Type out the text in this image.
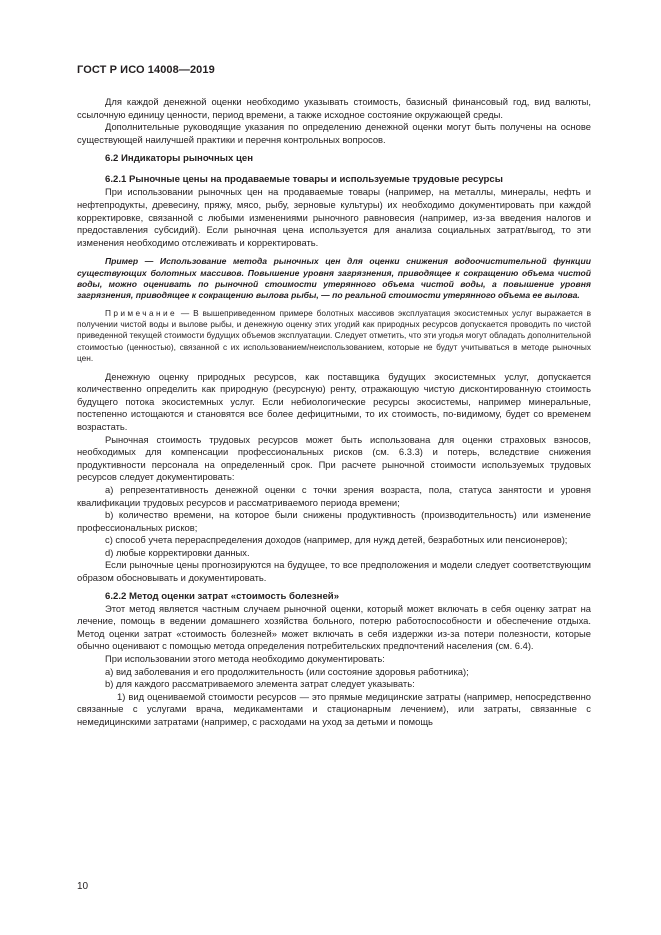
ГОСТ Р ИСО 14008—2019

Для каждой денежной оценки необходимо указывать стоимость, базисный финансовый год, вид валюты, ссылочную единицу ценности, период времени, а также исходное состояние окружающей среды.

Дополнительные руководящие указания по определению денежной оценки могут быть получены на основе существующей наилучшей практики и перечня контрольных вопросов.

6.2 Индикаторы рыночных цен
6.2.1 Рыночные цены на продаваемые товары и используемые трудовые ресурсы

При использовании рыночных цен на продаваемые товары (например, на металлы, минералы, нефть и нефтепродукты, древесину, пряжу, мясо, рыбу, зерновые культуры) их необходимо документировать при каждой корректировке, связанной с любыми изменениями рыночного равновесия (например, из-за введения налогов и предоставления субсидий). Если рыночная цена используется для анализа социальных затрат/выгод, то эти изменения необходимо отслеживать и корректировать.

Пример — Использование метода рыночных цен для оценки снижения водоочистительной функции существующих болотных массивов. Повышение уровня загрязнения, приводящее к сокращению объема чистой воды, можно оценивать по рыночной стоимости утерянного объема чистой воды, а повышение уровня загрязнения, приводящее к сокращению вылова рыбы, — по реальной стоимости утерянного объема ее вылова.
Примечание — В вышеприведенном примере болотных массивов эксплуатация экосистемных услуг выражается в получении чистой воды и вылове рыбы, и денежную оценку этих угодий как природных ресурсов допускается проводить по чистой приведенной текущей стоимости будущих объемов эксплуатации. Следует отметить, что эти угодья могут обладать дополнительной стоимостью (ценностью), связанной с их использованием/неиспользованием, которые не будут учитываться в методе рыночных цен.

Денежную оценку природных ресурсов, как поставщика будущих экосистемных услуг, допускается количественно определить как природную (ресурсную) ренту, отражающую чистую дисконтированную стоимость будущего потока экосистемных услуг. Если небиологические ресурсы экосистемы, например минеральные, постепенно истощаются и становятся все более дефицитными, то их стоимость, по-видимому, будет со временем возрастать.

Рыночная стоимость трудовых ресурсов может быть использована для оценки страховых взносов, необходимых для компенсации профессиональных рисков (см. 6.3.3) и потерь, вследствие снижения продуктивности персонала на определенный срок. При расчете рыночной стоимости используемых трудовых ресурсов следует документировать:

а) репрезентативность денежной оценки с точки зрения возраста, пола, статуса занятости и уровня квалификации трудовых ресурсов и рассматриваемого периода времени;

b) количество времени, на которое были снижены продуктивность (производительность) или изменение профессиональных рисков;

c) способ учета перераспределения доходов (например, для нужд детей, безработных или пенсионеров);

d) любые корректировки данных.

Если рыночные цены прогнозируются на будущее, то все предположения и модели следует соответствующим образом обосновывать и документировать.

6.2.2 Метод оценки затрат «стоимость болезней»

Этот метод является частным случаем рыночной оценки, который может включать в себя оценку затрат на лечение, помощь в ведении домашнего хозяйства больного, потерю работоспособности и обеспечение отдыха. Метод оценки затрат «стоимость болезней» может включать в себя издержки из-за потери полезности, которые обычно оценивают с помощью метода определения потребительских предпочтений населения (см. 6.4).

При использовании этого метода необходимо документировать:

а) вид заболевания и его продолжительность (или состояние здоровья работника);

b) для каждого рассматриваемого элемента затрат следует указывать:

1) вид оцениваемой стоимости ресурсов — это прямые медицинские затраты (например, непосредственно связанные с услугами врача, медикаментами и стационарным лечением), или затраты, связанные с немедицинскими затратами (например, с расходами на уход за детьми и помощь

10
